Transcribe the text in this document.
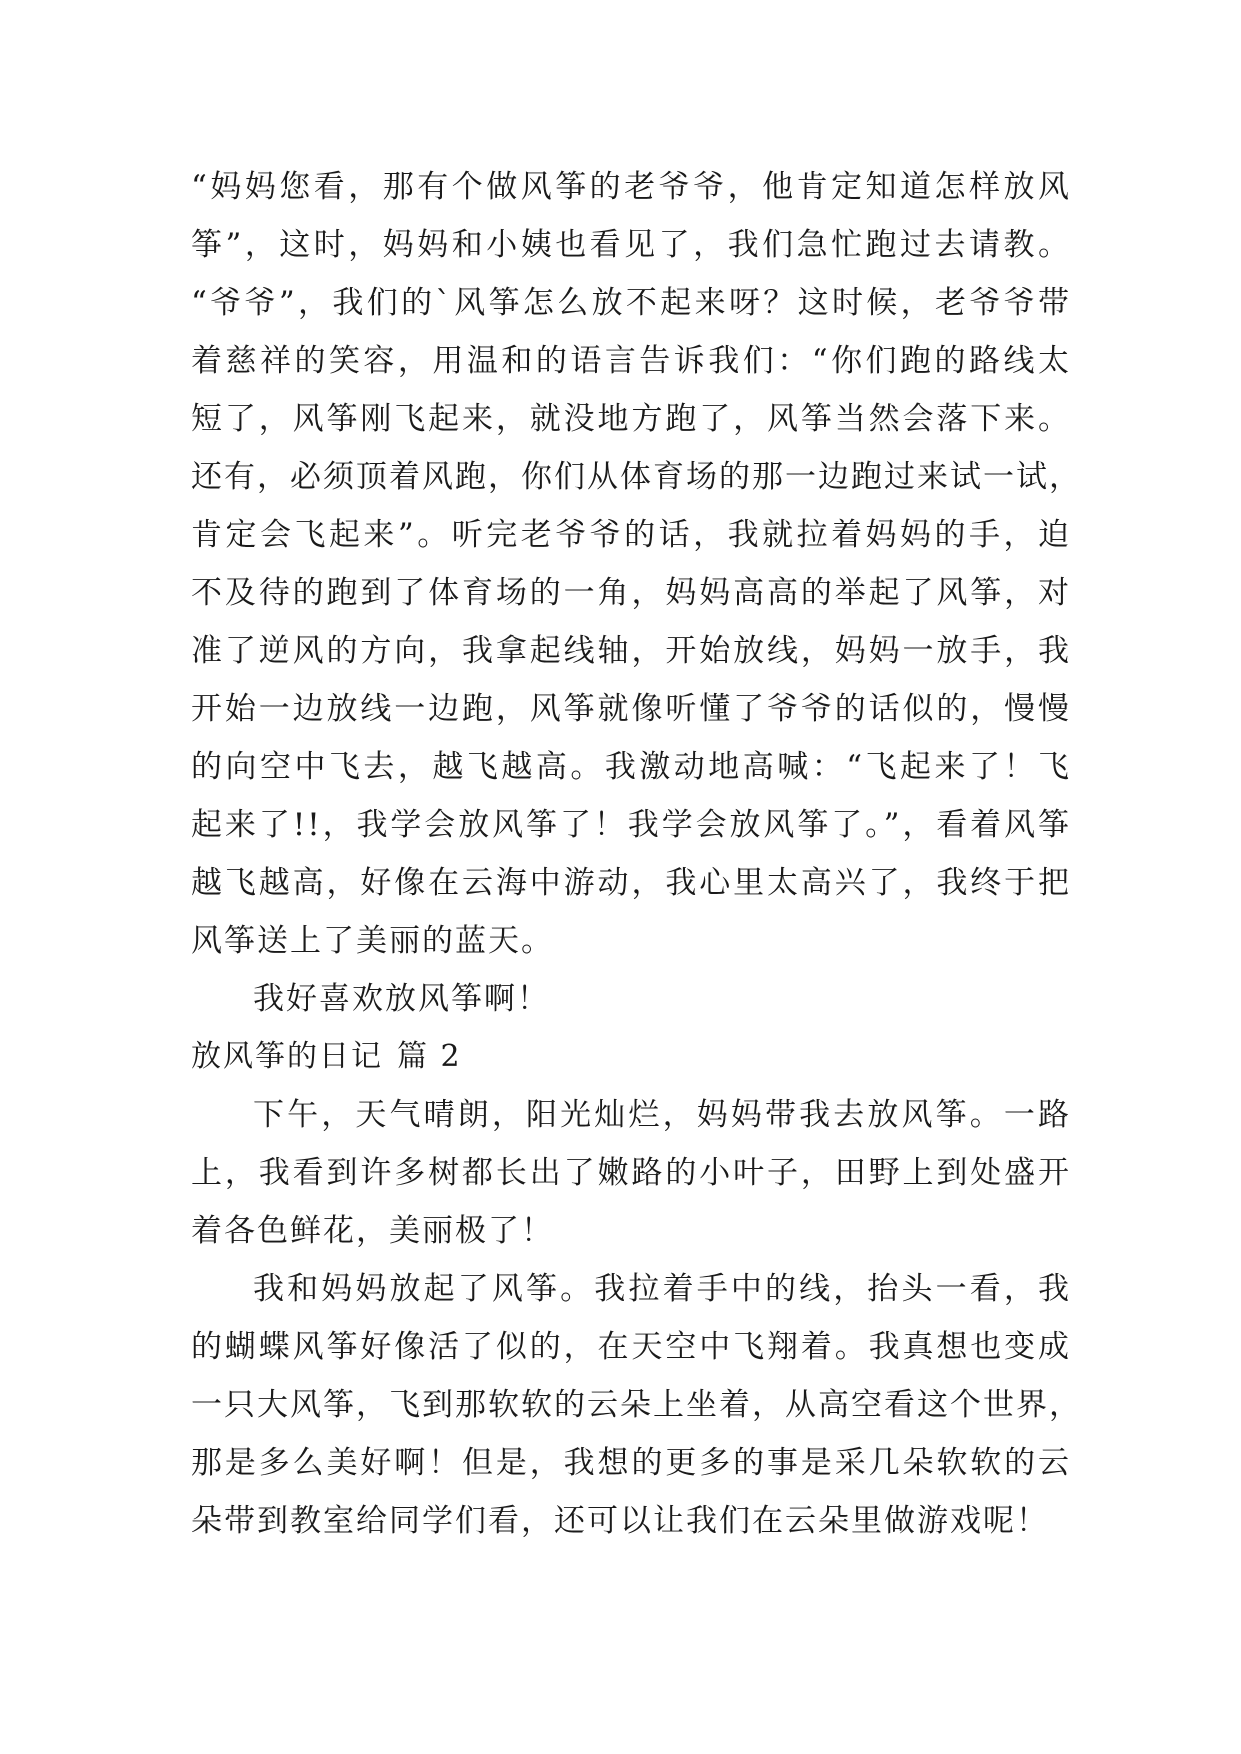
“妈妈您看，那有个做风筝的老爷爷，他肯定知道怎样放风
筝”，这时，妈妈和小姨也看见了，我们急忙跑过去请教。
“爷爷”，我们的`风筝怎么放不起来呀？这时候，老爷爷带
着慈祥的笑容，用温和的语言告诉我们：“你们跑的路线太
短了，风筝刚飞起来，就没地方跑了，风筝当然会落下来。
还有，必须顶着风跑，你们从体育场的那一边跑过来试一试，
肯定会飞起来”。听完老爷爷的话，我就拉着妈妈的手，迫
不及待的跑到了体育场的一角，妈妈高高的举起了风筝，对
准了逆风的方向，我拿起线轴，开始放线，妈妈一放手，我
开始一边放线一边跑，风筝就像听懂了爷爷的话似的，慢慢
的向空中飞去，越飞越高。我激动地高喊：“飞起来了！飞
起来了!!，我学会放风筝了！我学会放风筝了。”，看着风筝
越飞越高，好像在云海中游动，我心里太高兴了，我终于把
风筝送上了美丽的蓝天。
我好喜欢放风筝啊！
放风筝的日记 篇 2
下午，天气晴朗，阳光灿烂，妈妈带我去放风筝。一路
上，我看到许多树都长出了嫩路的小叶子，田野上到处盛开
着各色鲜花，美丽极了！
我和妈妈放起了风筝。我拉着手中的线，抬头一看，我
的蝴蝶风筝好像活了似的，在天空中飞翔着。我真想也变成
一只大风筝，飞到那软软的云朵上坐着，从高空看这个世界，
那是多么美好啊！但是，我想的更多的事是采几朵软软的云
朵带到教室给同学们看，还可以让我们在云朵里做游戏呢！
